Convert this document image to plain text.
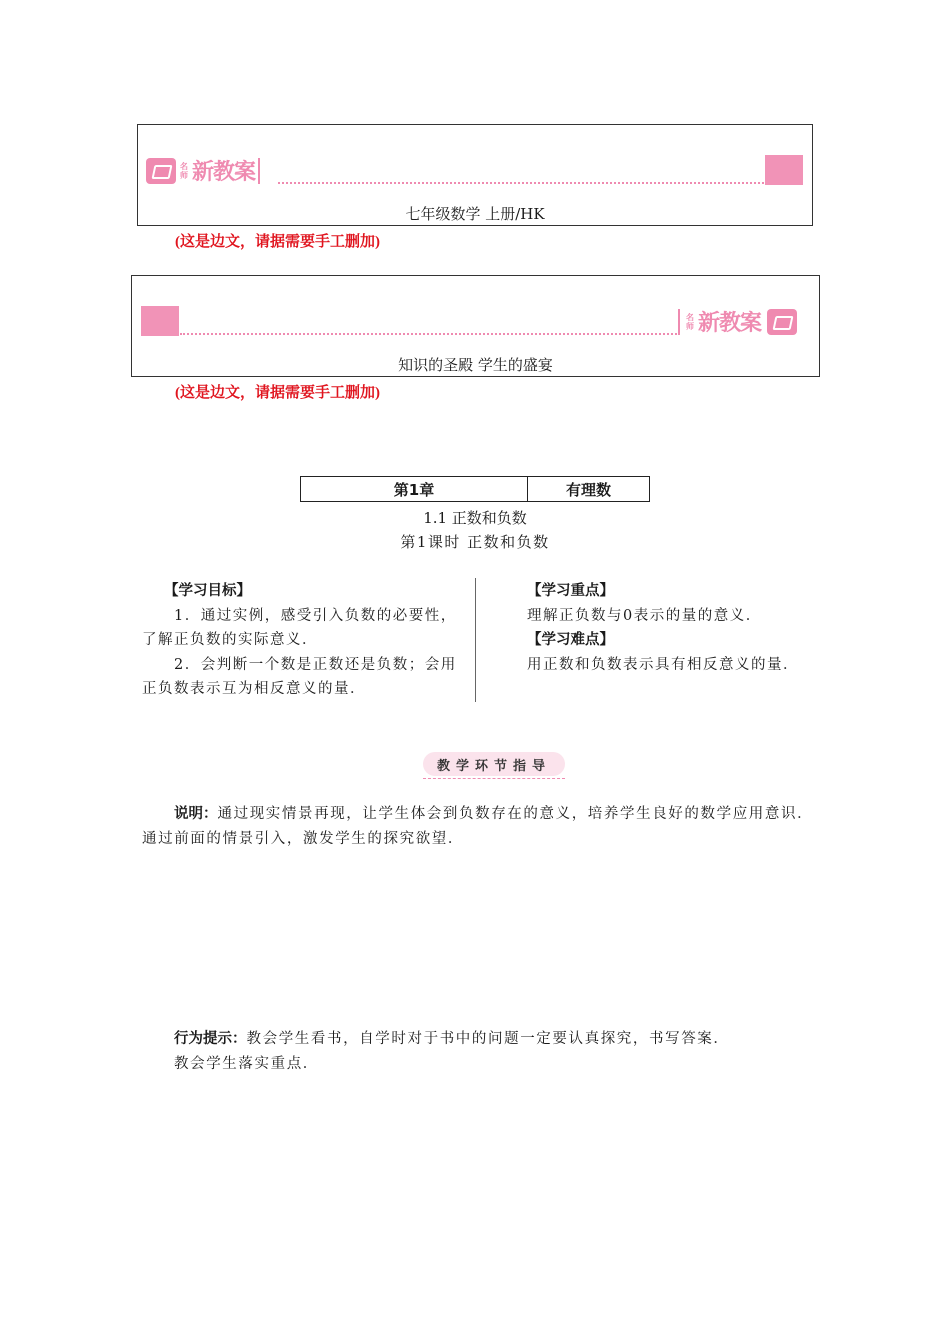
名师 新教案
七年级数学 上册/HK
(这是边文，请据需要手工删加)
名师 新教案
知识的圣殿 学生的盛宴
(这是边文，请据需要手工删加)
第1章	有理数
1.1 正数和负数
第1课时 正数和负数

【学习目标】

1．通过实例，感受引入负数的必要性，了解正负数的实际意义．

2．会判断一个数是正数还是负数；会用正负数表示互为相反意义的量．

【学习重点】

理解正负数与0表示的量的意义．

【学习难点】

用正数和负数表示具有相反意义的量．

教学环节指导
说明：通过现实情景再现，让学生体会到负数存在的意义，培养学生良好的数学应用意识．通过前面的情景引入，激发学生的探究欲望．
行为提示：教会学生看书，自学时对于书中的问题一定要认真探究，书写答案．
教会学生落实重点．
